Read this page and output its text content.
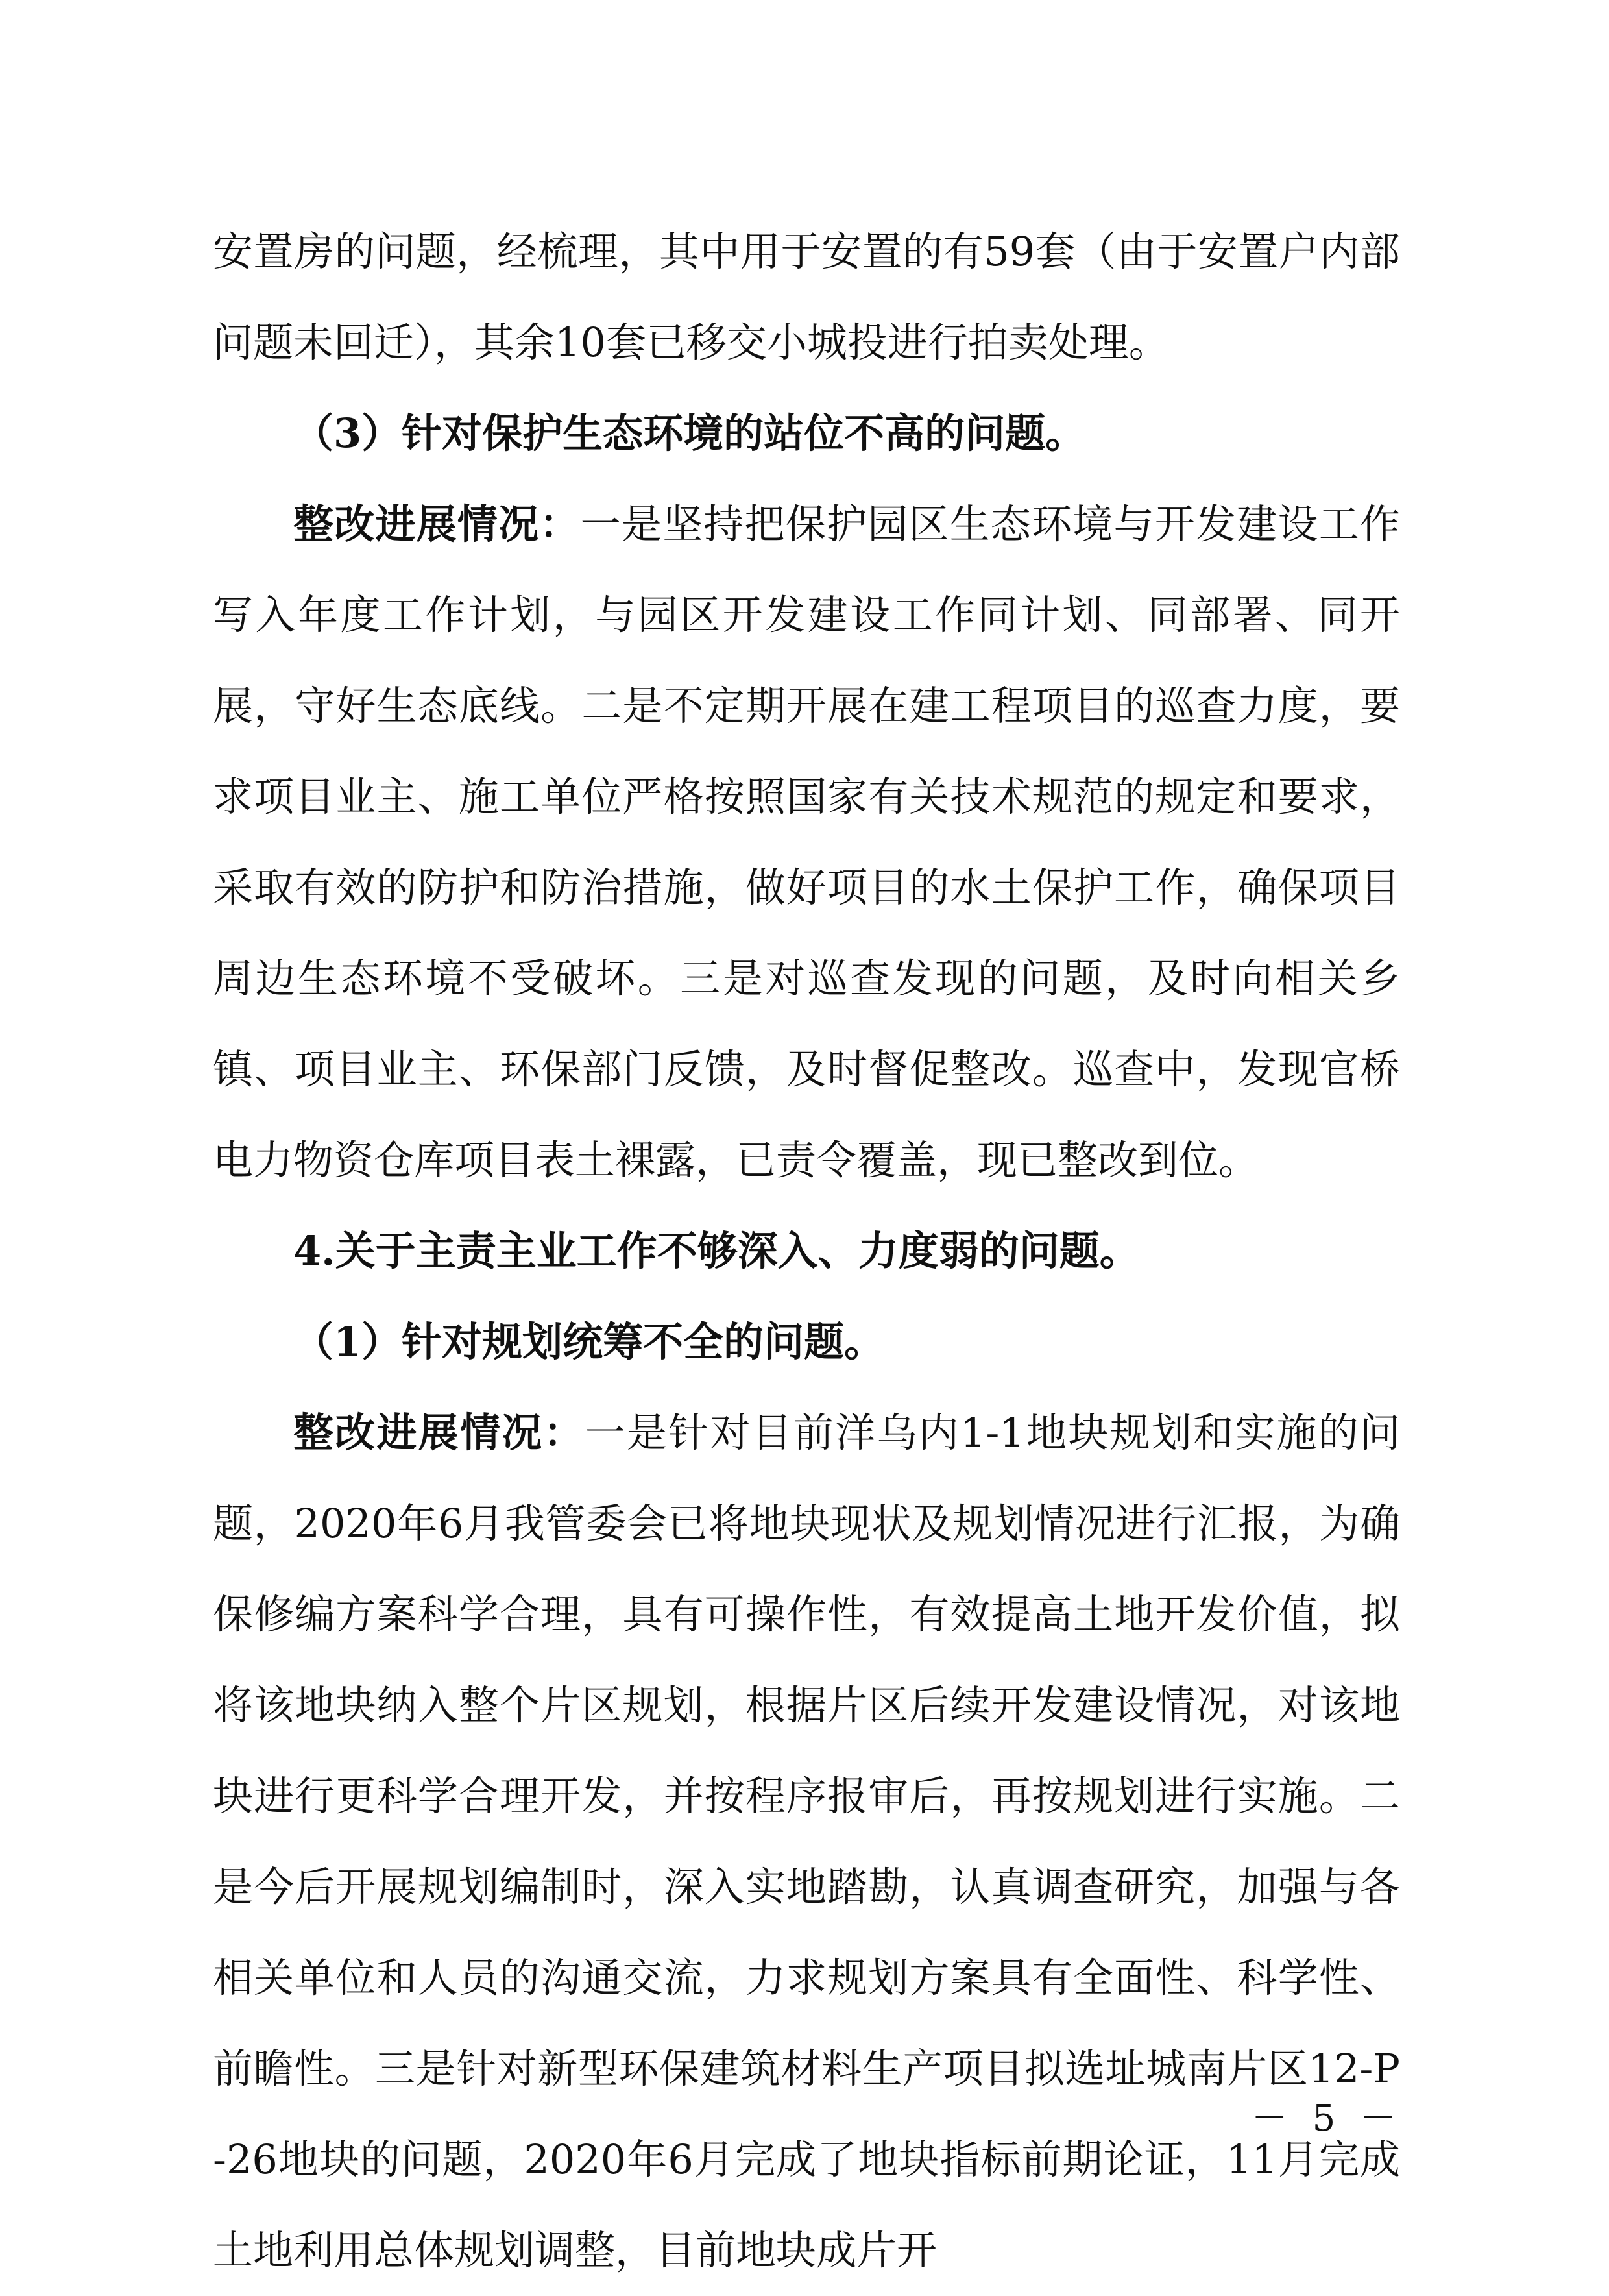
安置房的问题，经梳理，其中用于安置的有59套（由于安置户内部问题未回迁），其余10套已移交小城投进行拍卖处理。

（3）针对保护生态环境的站位不高的问题。

整改进展情况：一是坚持把保护园区生态环境与开发建设工作写入年度工作计划，与园区开发建设工作同计划、同部署、同开展，守好生态底线。二是不定期开展在建工程项目的巡查力度，要求项目业主、施工单位严格按照国家有关技术规范的规定和要求，采取有效的防护和防治措施，做好项目的水土保护工作，确保项目周边生态环境不受破坏。三是对巡查发现的问题，及时向相关乡镇、项目业主、环保部门反馈，及时督促整改。巡查中，发现官桥电力物资仓库项目表土裸露，已责令覆盖，现已整改到位。

4.关于主责主业工作不够深入、力度弱的问题。

（1）针对规划统筹不全的问题。

整改进展情况：一是针对目前洋乌内1-1地块规划和实施的问题，2020年6月我管委会已将地块现状及规划情况进行汇报，为确保修编方案科学合理，具有可操作性，有效提高土地开发价值，拟将该地块纳入整个片区规划，根据片区后续开发建设情况，对该地块进行更科学合理开发，并按程序报审后，再按规划进行实施。二是今后开展规划编制时，深入实地踏勘，认真调查研究，加强与各相关单位和人员的沟通交流，力求规划方案具有全面性、科学性、前瞻性。三是针对新型环保建筑材料生产项目拟选址城南片区12-P-26地块的问题，2020年6月完成了地块指标前期论证，11月完成土地利用总体规划调整，目前地块成片开

－ 5 －
